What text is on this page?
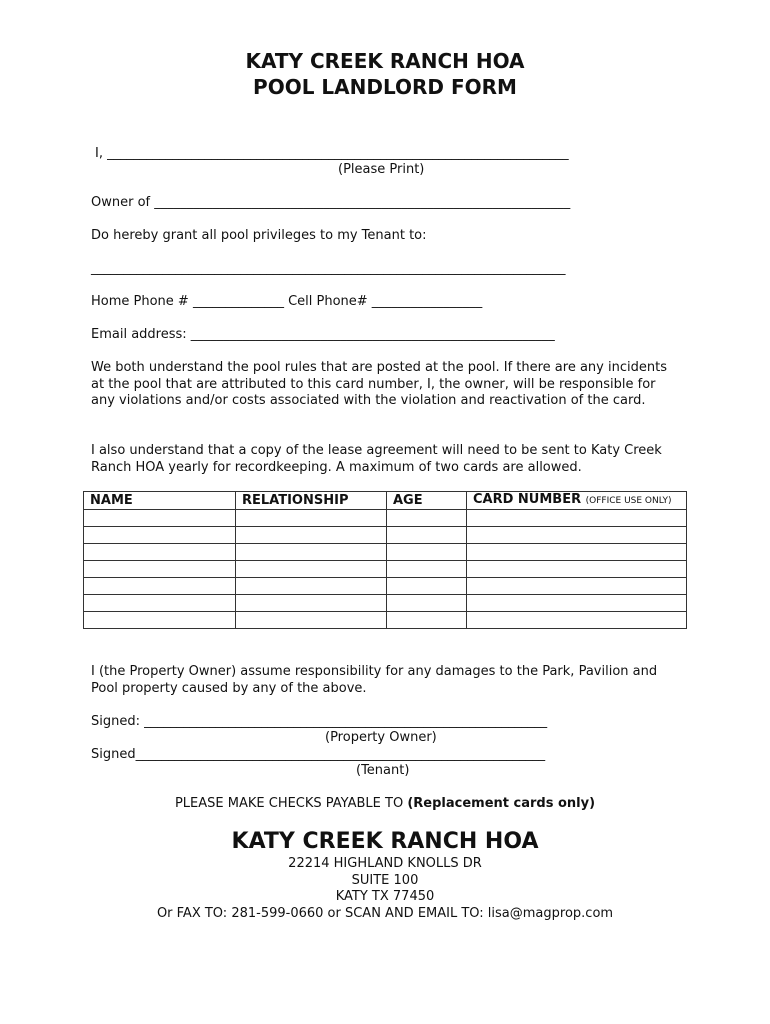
KATY CREEK RANCH HOA
POOL LANDLORD FORM
I, _______________________________________________________________________
(Please Print)
Owner of ________________________________________________________________
Do hereby grant all pool privileges to my Tenant to:
_________________________________________________________________________
Home Phone # ______________ Cell Phone# _________________
Email address: ________________________________________________________
We both understand the pool rules that are posted at the pool. If there are any incidents at the pool that are attributed to this card number, I, the owner, will be responsible for any violations and/or costs associated with the violation and reactivation of the card.
I also understand that a copy of the lease agreement will need to be sent to Katy Creek Ranch HOA yearly for recordkeeping. A maximum of two cards are allowed.
NAME	RELATIONSHIP	AGE	CARD NUMBER (OFFICE USE ONLY)

I (the Property Owner) assume responsibility for any damages to the Park, Pavilion and Pool property caused by any of the above.
Signed: ______________________________________________________________
(Property Owner)
Signed_______________________________________________________________
(Tenant)
PLEASE MAKE CHECKS PAYABLE TO (Replacement cards only)
KATY CREEK RANCH HOA
22214 HIGHLAND KNOLLS DR
SUITE 100
KATY TX 77450
Or FAX TO: 281-599-0660 or SCAN AND EMAIL TO: lisa@magprop.com
